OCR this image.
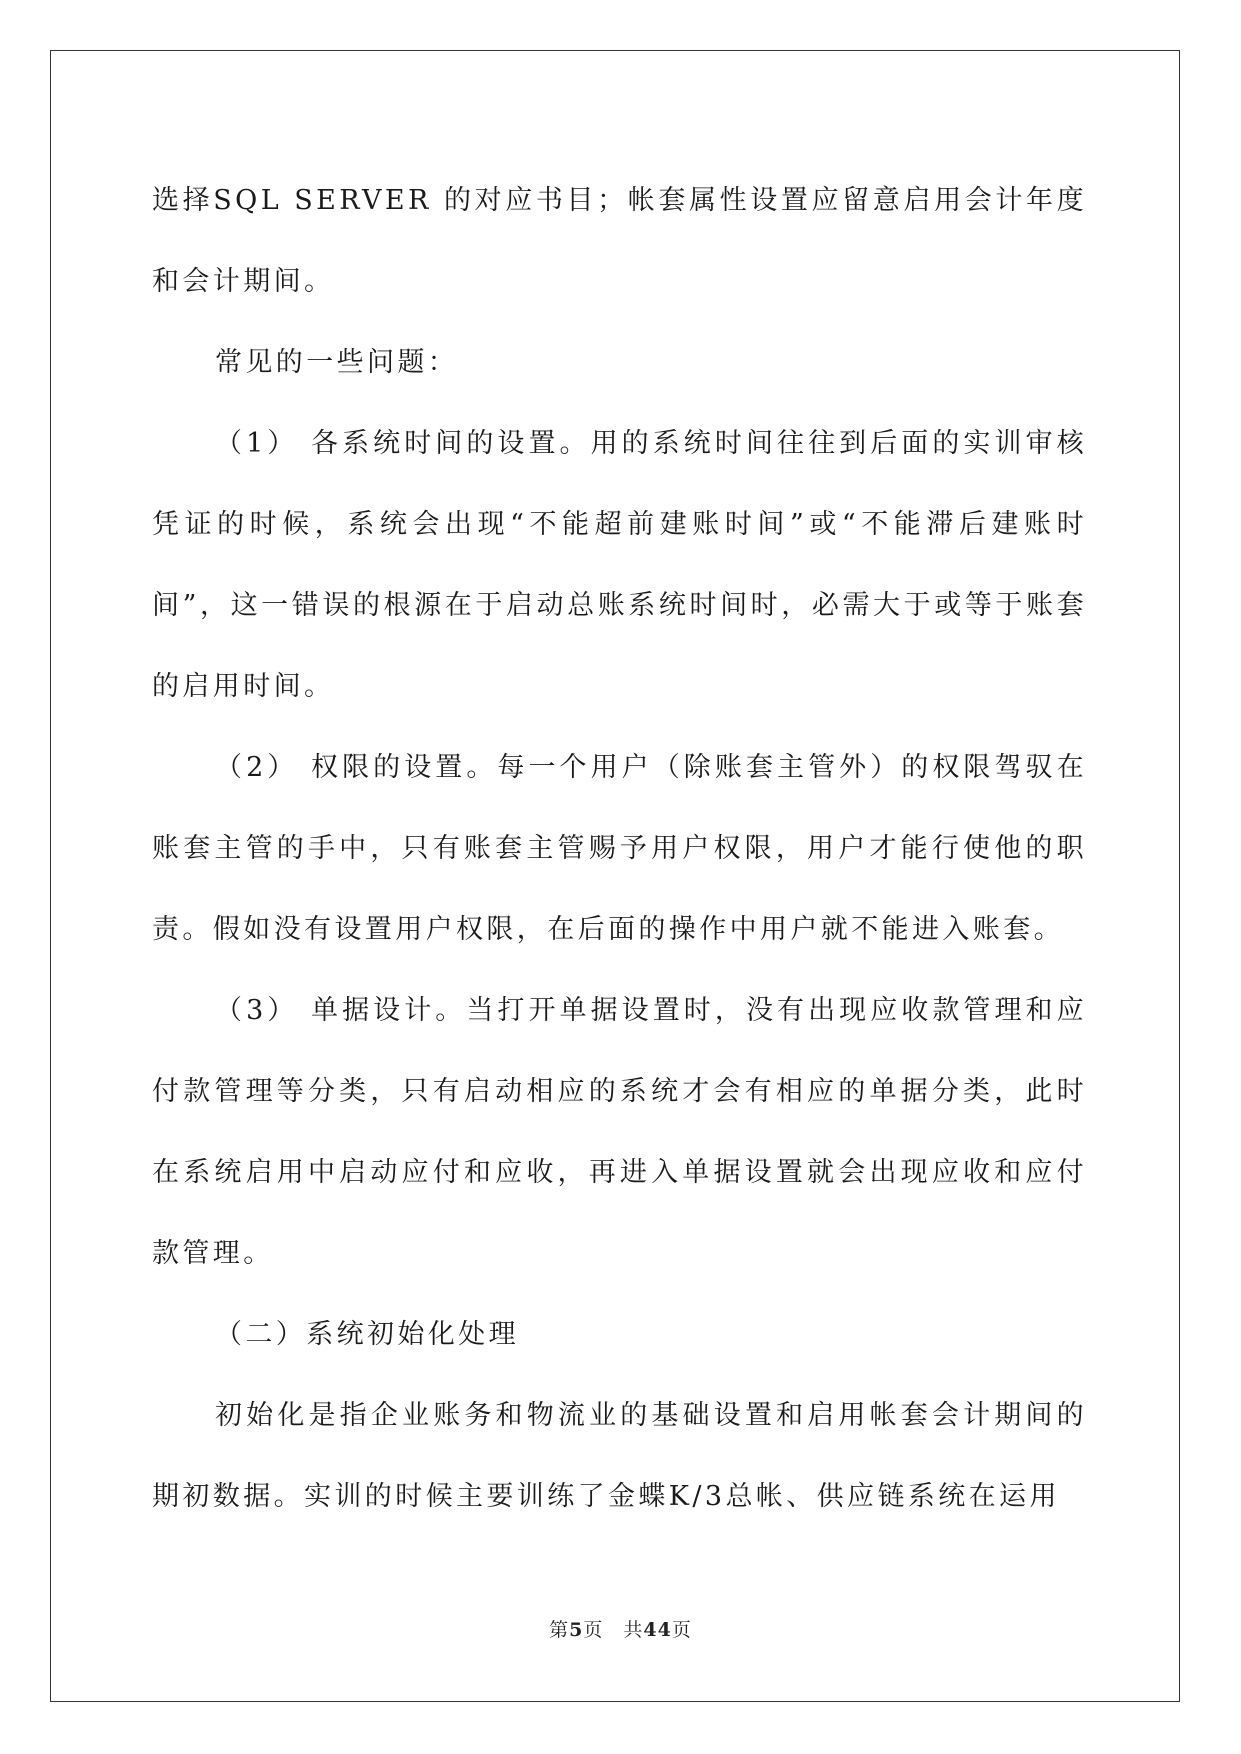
选择SQL SERVER 的对应书目；帐套属性设置应留意启用会计年度和会计期间。

常见的一些问题：

（1） 各系统时间的设置。用的系统时间往往到后面的实训审核凭证的时候，系统会出现“不能超前建账时间”或“不能滞后建账时间”，这一错误的根源在于启动总账系统时间时，必需大于或等于账套的启用时间。

（2） 权限的设置。每一个用户（除账套主管外）的权限驾驭在账套主管的手中，只有账套主管赐予用户权限，用户才能行使他的职责。假如没有设置用户权限，在后面的操作中用户就不能进入账套。

（3） 单据设计。当打开单据设置时，没有出现应收款管理和应付款管理等分类，只有启动相应的系统才会有相应的单据分类，此时在系统启用中启动应付和应收，再进入单据设置就会出现应收和应付款管理。

（二）系统初始化处理

初始化是指企业账务和物流业的基础设置和启用帐套会计期间的期初数据。实训的时候主要训练了金蝶K/3总帐、供应链系统在运用

第5页 共44页
